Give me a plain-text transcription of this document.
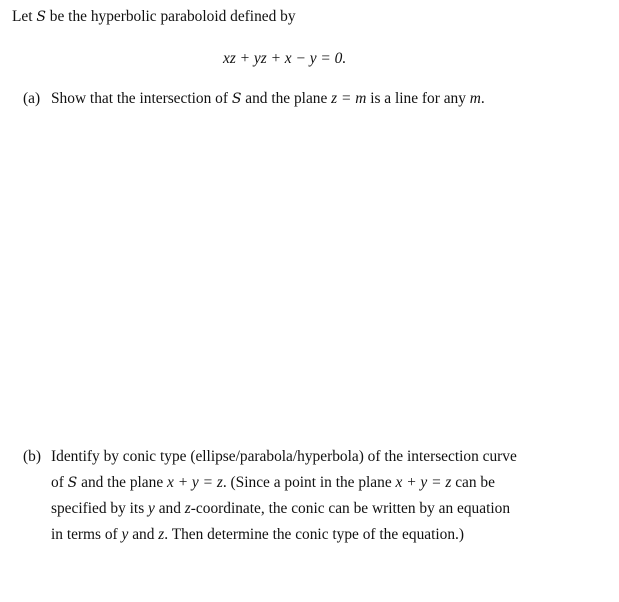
Let S be the hyperbolic paraboloid defined by
xz + yz + x − y = 0.
(a) Show that the intersection of S and the plane z = m is a line for any m.
(b) Identify by conic type (ellipse/parabola/hyperbola) of the intersection curve
of S and the plane x + y = z. (Since a point in the plane x + y = z can be
specified by its y and z-coordinate, the conic can be written by an equation
in terms of y and z. Then determine the conic type of the equation.)
